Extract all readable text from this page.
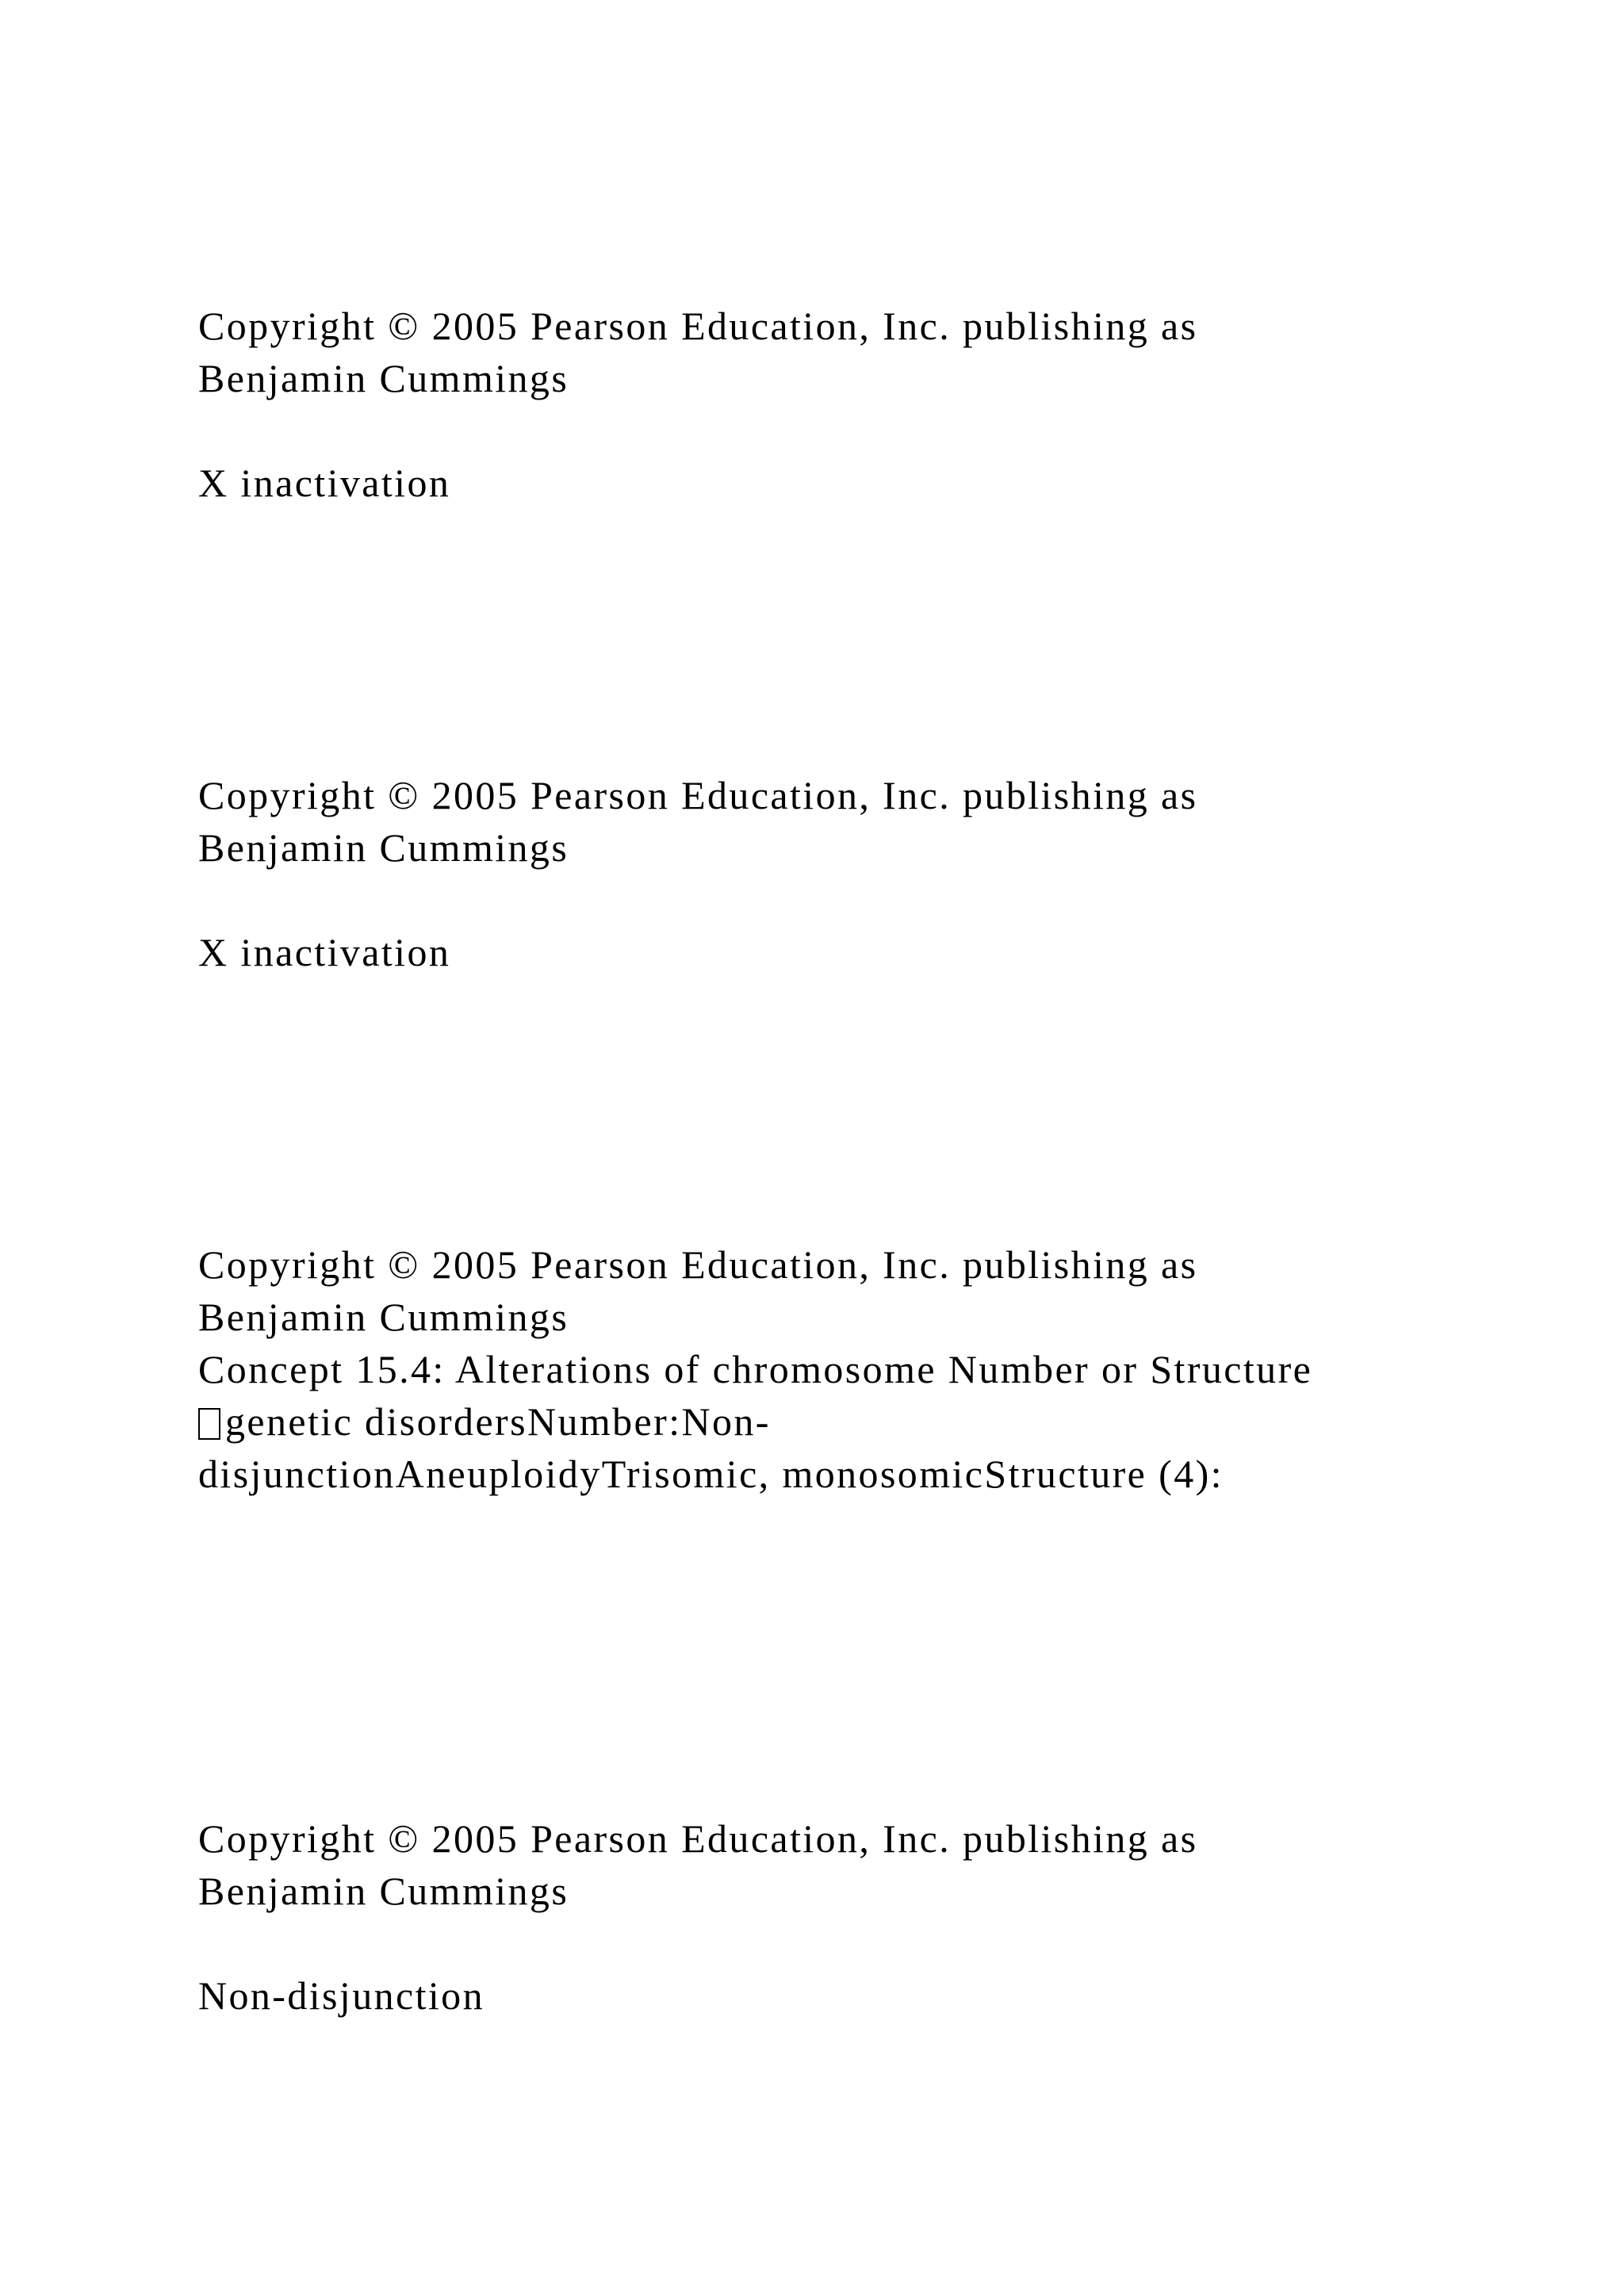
Copyright © 2005 Pearson Education, Inc. publishing as

Benjamin Cummings

X inactivation

Copyright © 2005 Pearson Education, Inc. publishing as

Benjamin Cummings

X inactivation

Copyright © 2005 Pearson Education, Inc. publishing as

Benjamin Cummings

Concept 15.4: Alterations of chromosome Number or Structure

genetic disordersNumber:Non-

disjunctionAneuploidyTrisomic, monosomicStructure (4):

Copyright © 2005 Pearson Education, Inc. publishing as

Benjamin Cummings

Non-disjunction
